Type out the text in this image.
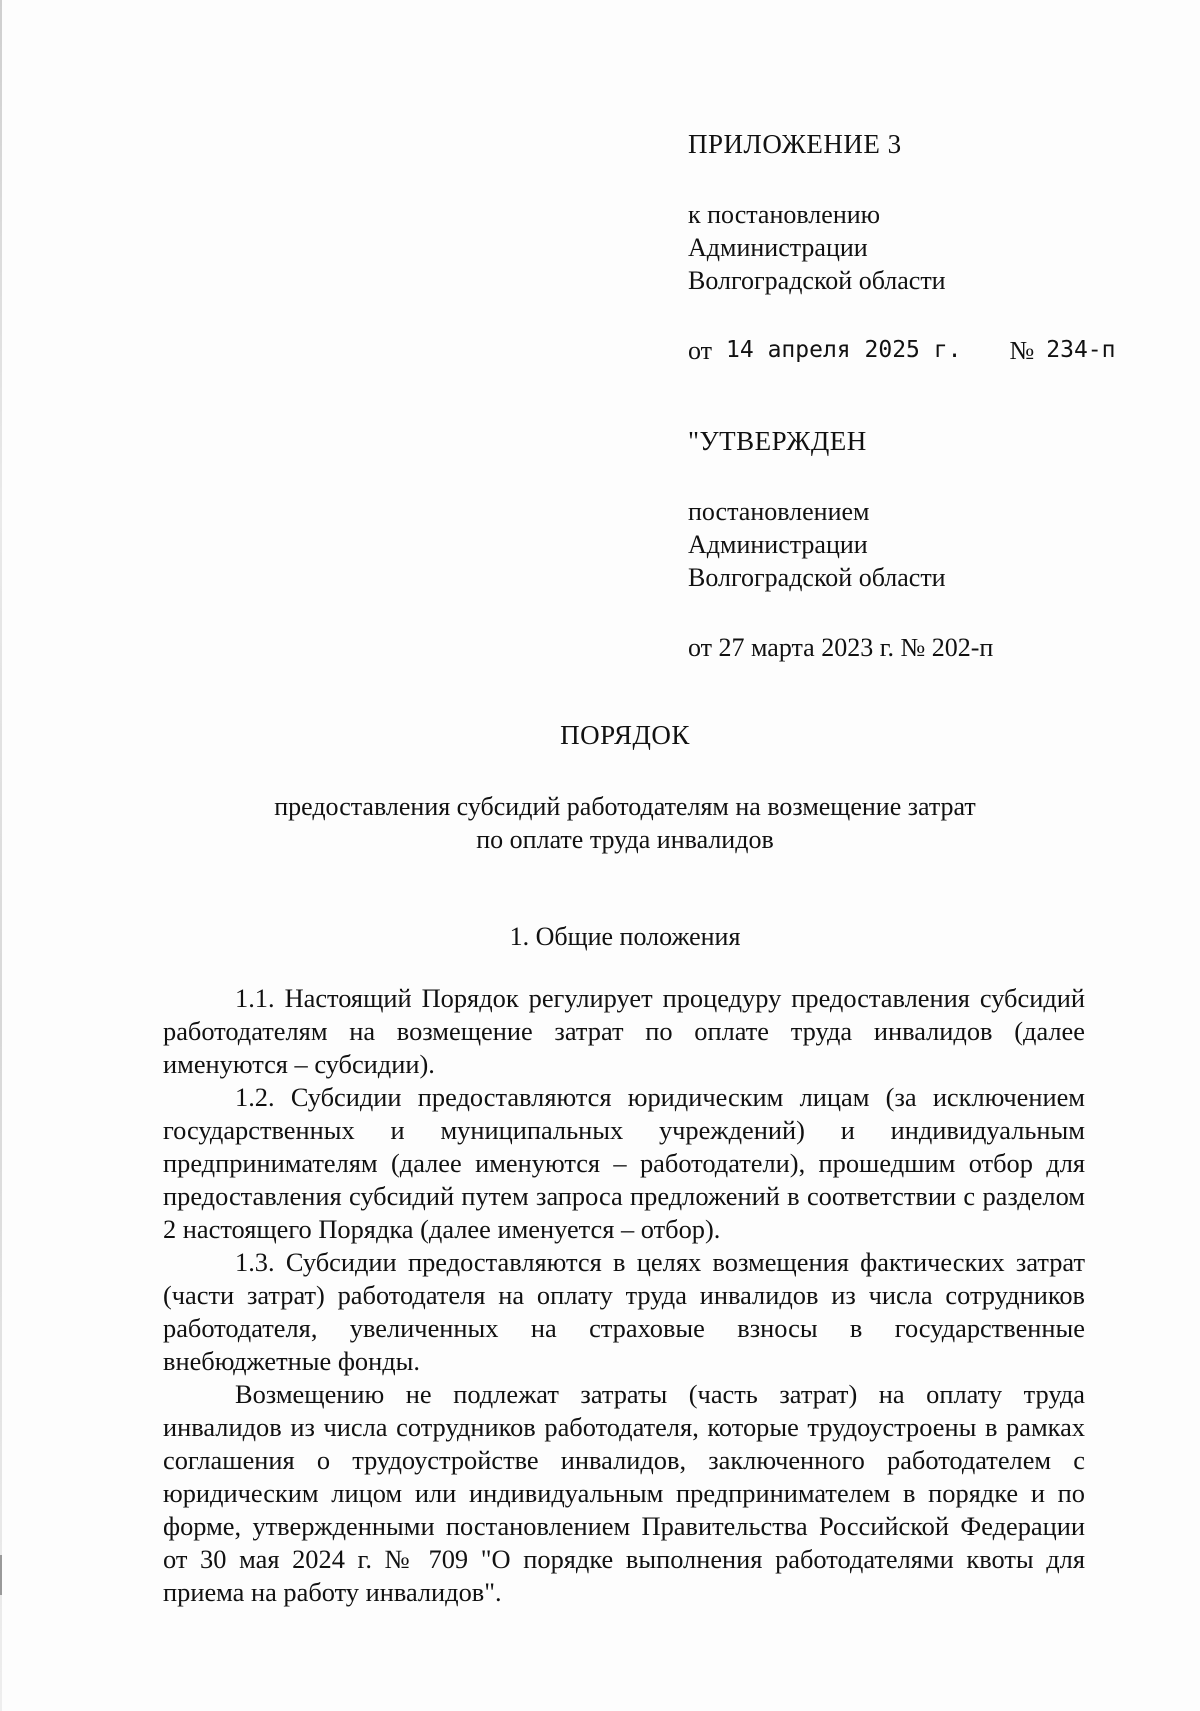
ПРИЛОЖЕНИЕ 3
к постановлению
Администрации
Волгоградской области
от 14 апреля 2025 г. № 234-п
"УТВЕРЖДЕН
постановлением
Администрации
Волгоградской области
от 27 марта 2023 г. № 202-п
ПОРЯДОК
предоставления субсидий работодателям на возмещение затрат
по оплате труда инвалидов
1. Общие положения

1.1. Настоящий Порядок регулирует процедуру предоставления субсидий работодателям на возмещение затрат по оплате труда инвалидов (далее именуются – субсидии).

1.2. Субсидии предоставляются юридическим лицам (за исключением государственных и муниципальных учреждений) и индивидуальным предпринимателям (далее именуются – работодатели), прошедшим отбор для предоставления субсидий путем запроса предложений в соответствии с разделом 2 настоящего Порядка (далее именуется – отбор).

1.3. Субсидии предоставляются в целях возмещения фактических затрат (части затрат) работодателя на оплату труда инвалидов из числа сотрудников работодателя, увеличенных на страховые взносы в государственные внебюджетные фонды.

Возмещению не подлежат затраты (часть затрат) на оплату труда инвалидов из числа сотрудников работодателя, которые трудоустроены в рамках соглашения о трудоустройстве инвалидов, заключенного работодателем с юридическим лицом или индивидуальным предпринимателем в порядке и по форме, утвержденными постановлением Правительства Российской Федерации от 30 мая 2024 г. № 709 "О порядке выполнения работодателями квоты для приема на работу инвалидов".
